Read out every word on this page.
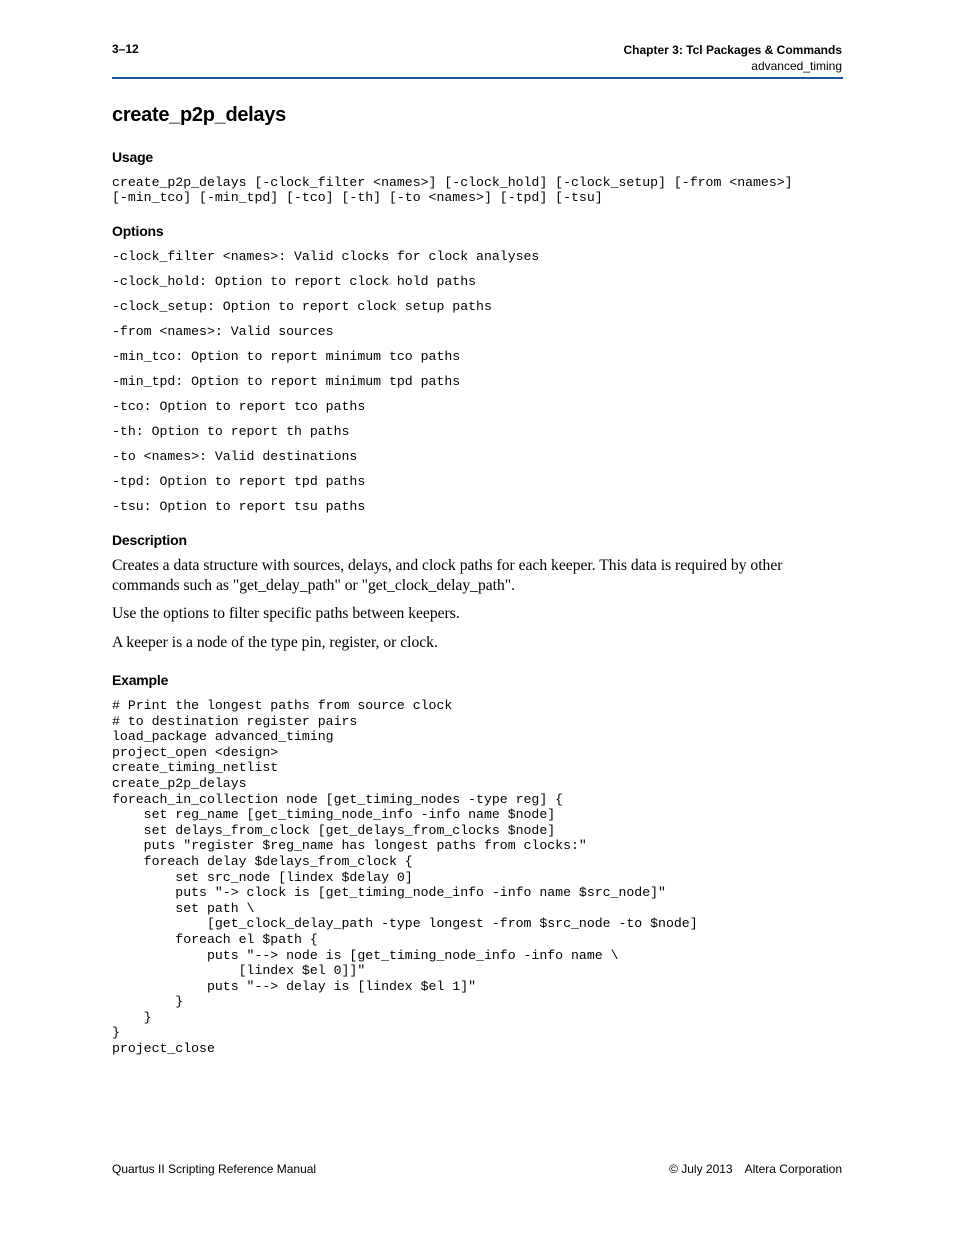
3–12	Chapter 3: Tcl Packages & Commands
advanced_timing
create_p2p_delays
Usage
create_p2p_delays [-clock_filter <names>] [-clock_hold] [-clock_setup] [-from <names>]
[-min_tco] [-min_tpd] [-tco] [-th] [-to <names>] [-tpd] [-tsu]
Options
-clock_filter <names>: Valid clocks for clock analyses
-clock_hold: Option to report clock hold paths
-clock_setup: Option to report clock setup paths
-from <names>: Valid sources
-min_tco: Option to report minimum tco paths
-min_tpd: Option to report minimum tpd paths
-tco: Option to report tco paths
-th: Option to report th paths
-to <names>: Valid destinations
-tpd: Option to report tpd paths
-tsu: Option to report tsu paths
Description

Creates a data structure with sources, delays, and clock paths for each keeper. This data is required by other commands such as "get_delay_path" or "get_clock_delay_path".

Use the options to filter specific paths between keepers.

A keeper is a node of the type pin, register, or clock.

Example
# Print the longest paths from source clock
# to destination register pairs
load_package advanced_timing
project_open <design>
create_timing_netlist
create_p2p_delays
foreach_in_collection node [get_timing_nodes -type reg] {
set reg_name [get_timing_node_info -info name $node]
set delays_from_clock [get_delays_from_clocks $node]
puts "register $reg_name has longest paths from clocks:"
foreach delay $delays_from_clock {
set src_node [lindex $delay 0]
puts "-> clock is [get_timing_node_info -info name $src_node]"
set path \
[get_clock_delay_path -type longest -from $src_node -to $node]
foreach el $path {
puts "--> node is [get_timing_node_info -info name \
[lindex $el 0]]"
puts "--> delay is [lindex $el 1]"
}
}
}
project_close
Quartus II Scripting Reference Manual	© July 2013 Altera Corporation
